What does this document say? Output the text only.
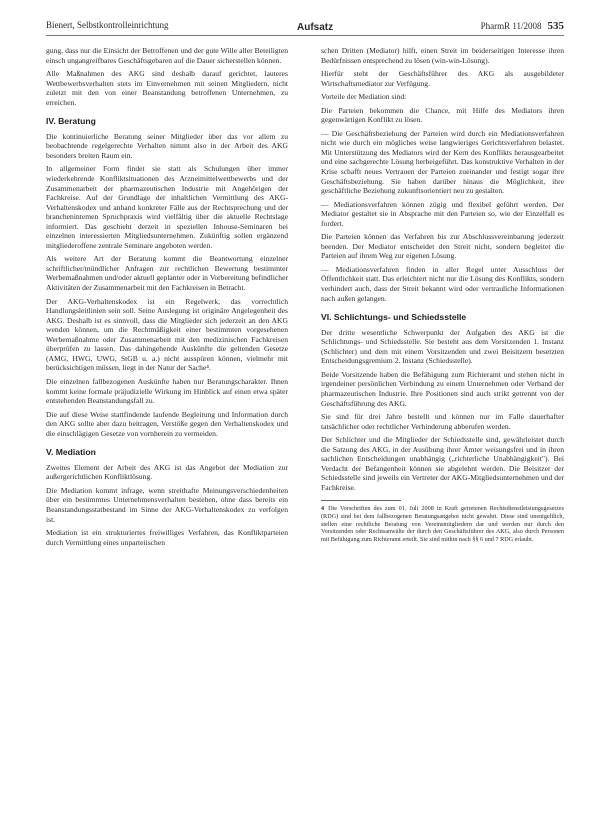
Bienert, Selbstkontrolleinrichtung	Aufsatz	PharmR 11/2008 535

gung, dass nur die Einsicht der Betroffenen und der gute Wille aller Beteiligten einsch ungangreifbares Geschäftsgebaren auf die Dauer sicherstellen können.

Alle Maßnahmen des AKG sind deshalb darauf gerichtet, lauteres Wettbewerbsverhalten stets im Einvernehmen mit seinen Mitgliedern, nicht zuletzt mit den von einer Beanstandung betroffenen Unternehmen, zu erreichen.

IV. Beratung

Die kontinuierliche Beratung seiner Mitglieder über das vor allem zu beobachtende regelgerechte Verhalten nimmt also in der Arbeit des AKG besonders breiten Raum ein.

In allgemeiner Form findet sie statt als Schulungen über immer wiederkehrende Konfliktsituationen des Arzneimittelwettbewerbs und der Zusammenarbeit der pharmazeutischen Industrie mit Angehörigen der Fachkreise. Auf der Grundlage der inhaltlichen Vermittlung des AKG-Verhaltenskodex und anhand konkreter Fälle aus der Rechtsprechung und der branchenintemen Spruchpraxis wird vielfältig über die aktuelle Rechtslage informiert. Das geschieht derzeit in speziellen Inhouse-Seminaren bei einzelnen interessierten Mitgliedsunternehmen. Zukünftig sollen ergänzend mitgliederoffene zentrale Seminare angeboten werden.

Als weitere Art der Beratung kommt die Beantwortung einzelner schriftlicher/mündlicher Anfragen zur rechtlichen Bewertung bestimmter Werbemaßnahmen und/oder aktuell geplanter oder in Vorbereitung befindlicher Aktivitäten der Zusammenarbeit mit den Fachkreisen in Betracht.

Der AKG-Verhaltenskodex ist ein Regelwerk, das vorrechtlich Handlungsleitlinien sein soll. Seine Auslegung ist originäre Angelegenheit des AKG. Deshalb ist es sinnvoll, dass die Mitglieder sich jederzeit an den AKG wenden können, um die Rechtmäßigkeit einer bestimmten vorgesehenen Werbemaßnahme oder Zusammenarbeit mit den medizinischen Fachkreisen überprüfen zu lassen. Das dahingehende Auskünfte die geltenden Gesetze (AMG, HWG, UWG, StGB u. a.) nicht ausspüren können, vielmehr mit berücksichtigen müssen, liegt in der Natur der Sache⁴.

Die einzelnen fallbezogenen Auskünfte haben nur Beratungscharakter. Ihnen kommt keine formale präjudizielle Wirkung im Hinblick auf einen etwa später entstehenden Beanstandungsfall zu.

Die auf diese Weise stattfindende laufende Begleitung und Information durch den AKG sollte aber dazu beitragen, Verstöße gegen den Verhaltenskodex und die einschlägigen Gesetze von vornherein zu vermeiden.

V. Mediation

Zweites Element der Arbeit des AKG ist das Angebot der Mediation zur außergerichtlichen Konfliktlösung.

Die Mediation kommt infrage, wenn streithafte Meinungsverschiedenheiten über ein bestimmtes Unternehmensverhalten bestehen, ohne dass bereits ein Beanstandungsstatbestand im Sinne der AKG-Verhaltenskodex zu verfolgen ist.

Mediation ist ein strukturiertes freiwilliges Verfahren, das Konfliktparteien durch Vermittlung eines unparteiischen

schen Dritten (Mediator) hilft, einen Streit im beiderseitigen Interesse ihren Bedürfnissen entsprechend zu lösen (win-win-Lösung).

Hierfür steht der Geschäftsführer des AKG als ausgebildeter Wirtschaftsmediator zur Verfügung.

Vorteile der Mediation sind:

Die Parteien bekommen die Chance, mit Hilfe des Mediators ihren gegenwärtigen Konflikt zu lösen.

— Die Geschäftsbeziehung der Parteien wird durch ein Mediationsverfahren nicht wie durch ein mögliches weise langwieriges Gerichtsverfahren belastet. Mit Unterstützung des Mediators wird der Kern des Konflikts herausgearbeitet und eine sachgerechte Lösung herbeigeführt. Das konstruktive Verhalten in der Krise schafft neues Vertrauen der Parteien zueinander und festigt sogar ihre Geschäftsbeziehung. Sie haben darüber hinaus die Möglichkeit, ihre geschäftliche Beziehung zukunftsorientiert neu zu gestalten.

— Mediationsverfahren können zügig und flexibel geführt werden. Der Mediator gestaltet sie in Absprache mit den Parteien so, wie der Einzelfall es fordert.

Die Parteien können das Verfahren bis zur Abschlussvereinbarung jederzeit beenden. Der Mediator entscheidet den Streit nicht, sondern begleitet die Parteien auf ihrem Weg zur eigenen Lösung.

— Mediationsverfahren finden in aller Regel unter Ausschluss der Öffentlichkeit statt. Das erleichtert nicht nur die Lösung des Konflikts, sondern verhindert auch, dass der Streit bekannt wird oder vertrauliche Informationen nach außen gelangen.

VI. Schlichtungs- und Schiedsstelle

Der dritte wesentliche Schwerpunkt der Aufgaben des AKG ist die Schlichtungs- und Schiedsstelle. Sie besteht aus dem Vorsitzenden 1. Instanz (Schlichter) und dem mit einem Vorsitzenden und zwei Beisitzern besetzten Entscheidungsgremium 2. Instanz (Schiedsstelle).

Beide Vorsitzende haben die Befähigung zum Richteramt und stehen nicht in irgendeiner persönlichen Verbindung zu einem Unternehmen oder Verband der pharmazeutischen Industrie. Ihre Positionen sind auch strikt getrennt von der Geschäftsführung des AKG.

Sie sind für drei Jahre bestellt und können nur im Falle dauerhafter tatsächlicher oder rechtlicher Verhinderung abberufen werden.

Der Schlichter und die Mitglieder der Schiedsstelle sind, gewährleistet durch die Satzung des AKG, in der Ausübung ihrer Ämter weisungsfrei und in ihren sachlichen Entscheidungen unabhängig („richterliche Unabhängigkeit"). Bei Verdacht der Befangenheit können sie abgelehnt werden. Die Beisitzer der Schiedsstelle sind jeweils ein Vertreter der AKG-Mitgliedsunternehmen und der Fachkreise.

4 Die Vorschriften des zum 01. Juli 2008 in Kraft getretenen Rechtsdienstleistungsgesetzes (RDG) sind bei dem fallbezogenen Beratungsangebot nicht gewahrt. Diese sind unentgeltlich, stellen eine rechtliche Beratung von Vereinsmitgliedern dar und werden nur durch den Vorsitzenden oder Rechtsanwälte der durch den Geschäftsführer des AKG, also durch Personen mit Befähigung zum Richteramt erteilt. Sie sind mithin nach §§ 6 und 7 RDG erlaubt.
